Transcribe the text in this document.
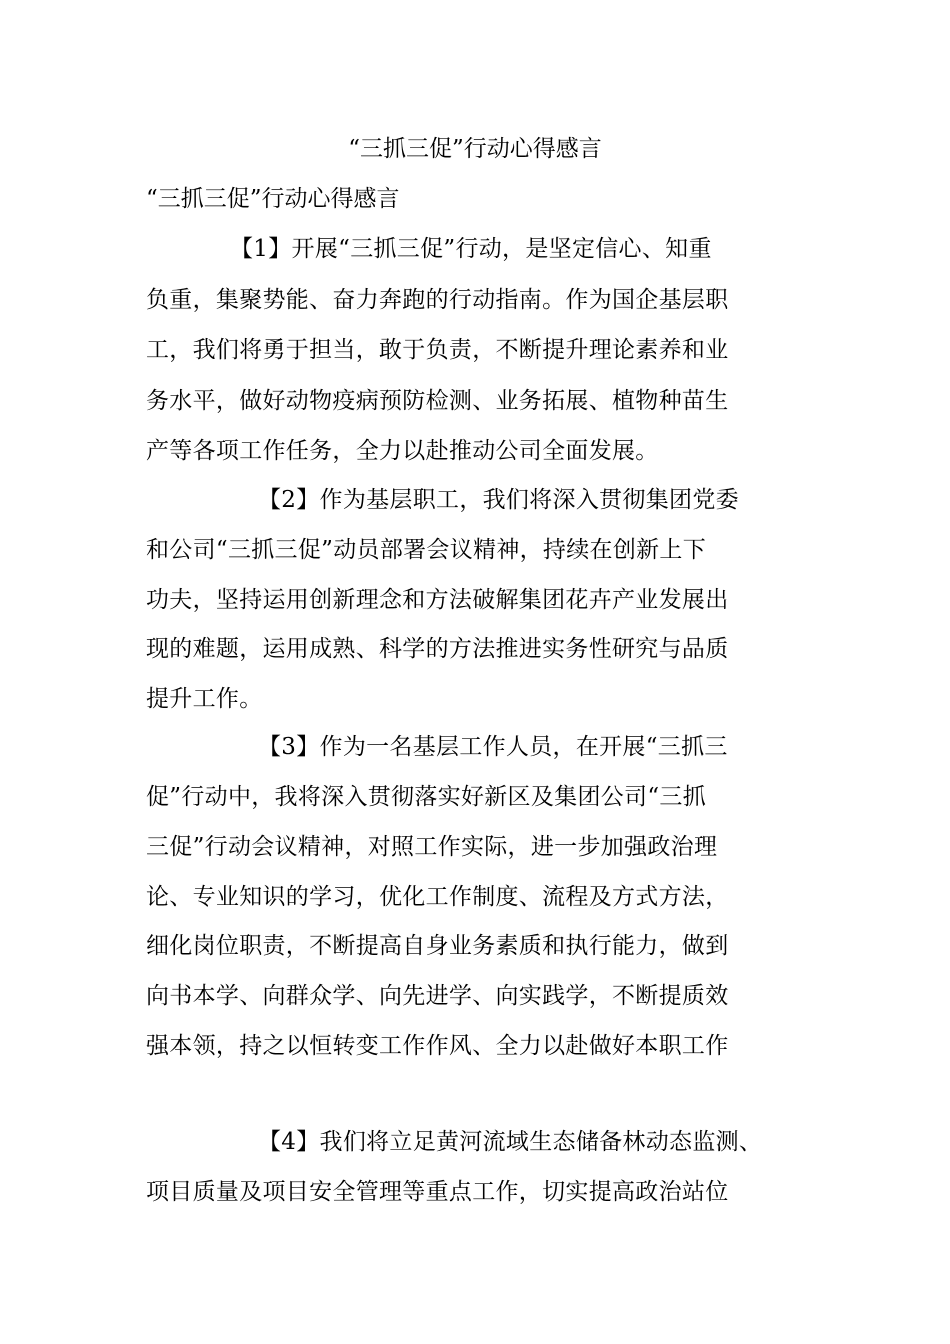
“三抓三促”行动心得感言
“三抓三促”行动心得感言
【1】开展“三抓三促”行动，是坚定信心、知重
负重，集聚势能、奋力奔跑的行动指南。作为国企基层职
工，我们将勇于担当，敢于负责，不断提升理论素养和业
务水平，做好动物疫病预防检测、业务拓展、植物种苗生
产等各项工作任务，全力以赴推动公司全面发展。
【2】作为基层职工，我们将深入贯彻集团党委
和公司“三抓三促”动员部署会议精神，持续在创新上下
功夫，坚持运用创新理念和方法破解集团花卉产业发展出
现的难题，运用成熟、科学的方法推进实务性研究与品质
提升工作。
【3】作为一名基层工作人员，在开展“三抓三
促”行动中，我将深入贯彻落实好新区及集团公司“三抓
三促”行动会议精神，对照工作实际，进一步加强政治理
论、专业知识的学习，优化工作制度、流程及方式方法，
细化岗位职责，不断提高自身业务素质和执行能力，做到
向书本学、向群众学、向先进学、向实践学，不断提质效
强本领，持之以恒转变工作作风、全力以赴做好本职工作
【4】我们将立足黄河流域生态储备林动态监测、
项目质量及项目安全管理等重点工作，切实提高政治站位
